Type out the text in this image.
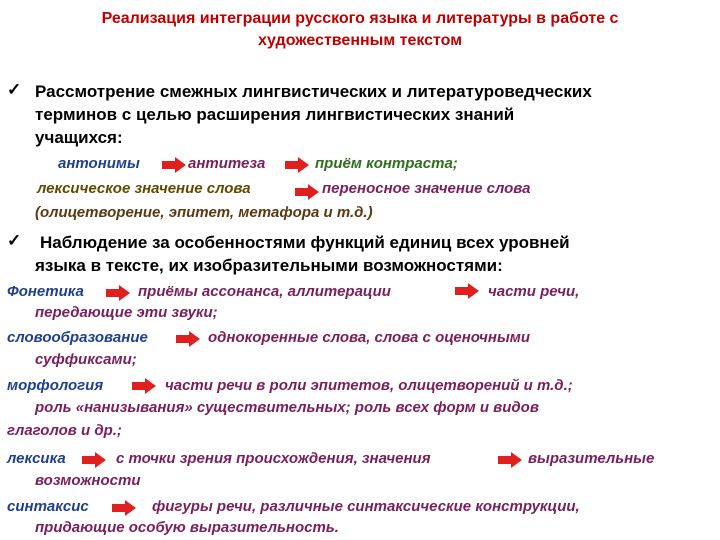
Реализация интеграции русского языка и литературы в работе с
художественным текстом
✓ Рассмотрение смежных лингвистических и литературоведческих
терминов с целью расширения лингвистических знаний
учащихся:
антонимы	антитеза	приём контраста;
лексическое значение слова	переносное значение слова
(олицетворение, эпитет, метафора и т.д.)
✓ Наблюдение за особенностями функций единиц всех уровней
языка в тексте, их изобразительными возможностями:
Фонетика	приёмы ассонанса, аллитерации	части речи,
передающие эти звуки;
словообразование	однокоренные слова, слова с оценочными
суффиксами;
морфология	части речи в роли эпитетов, олицетворений и т.д.;
роль «нанизывания» существительных; роль всех форм и видов
глаголов и др.;
лексика	с точки зрения происхождения, значения	выразительные
возможности
синтаксис	фигуры речи, различные синтаксические конструкции,
придающие особую выразительность.
